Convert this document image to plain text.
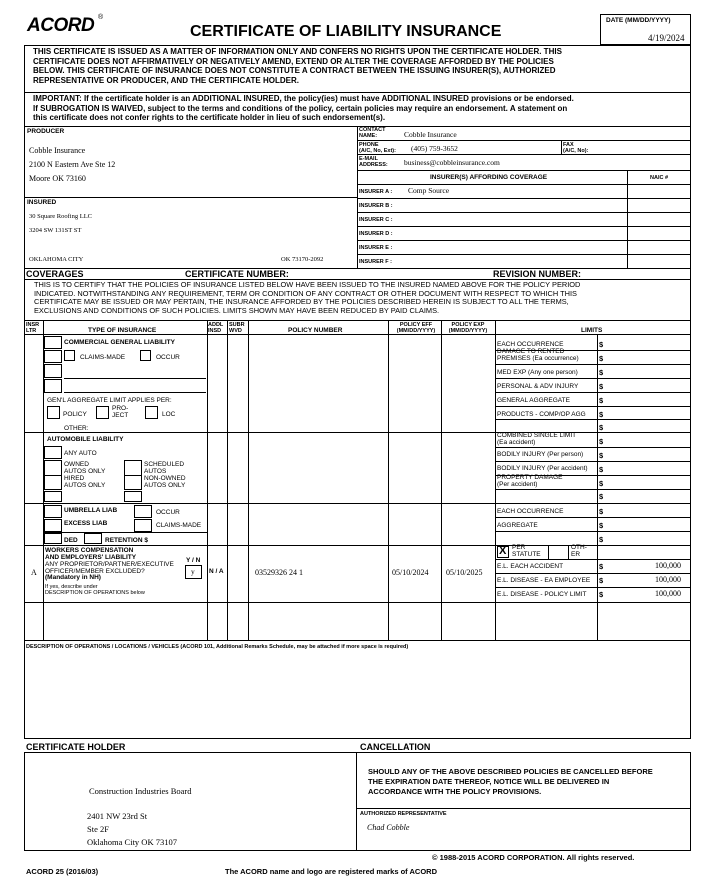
ACORD ®
CERTIFICATE OF LIABILITY INSURANCE
DATE (MM/DD/YYYY)
4/19/2024
THIS CERTIFICATE IS ISSUED AS A MATTER OF INFORMATION ONLY AND CONFERS NO RIGHTS UPON THE CERTIFICATE HOLDER. THIS
CERTIFICATE DOES NOT AFFIRMATIVELY OR NEGATIVELY AMEND, EXTEND OR ALTER THE COVERAGE AFFORDED BY THE POLICIES
BELOW. THIS CERTIFICATE OF INSURANCE DOES NOT CONSTITUTE A CONTRACT BETWEEN THE ISSUING INSURER(S), AUTHORIZED
REPRESENTATIVE OR PRODUCER, AND THE CERTIFICATE HOLDER.
IMPORTANT: If the certificate holder is an ADDITIONAL INSURED, the policy(ies) must have ADDITIONAL INSURED provisions or be endorsed.
If SUBROGATION IS WAIVED, subject to the terms and conditions of the policy, certain policies may require an endorsement. A statement on
this certificate does not confer rights to the certificate holder in lieu of such endorsement(s).
PRODUCER
Cobble Insurance
2100 N Eastern Ave Ste 12
Moore OK 73160
CONTACT
NAME:	Cobble Insurance
PHONE
(A/C, No, Ext): (405) 759-3652	FAX
(A/C, No):
E-MAIL
ADDRESS: business@cobbleinsurance.com
INSURER(S) AFFORDING COVERAGE	NAIC #
INSURER A : Comp Source
INSURER B :
INSURER C :
INSURER D :
INSURER E :
INSURER F :
INSURED
30 Square Roofing LLC
3204 SW 131ST ST
OKLAHOMA CITY	OK 73170-2092
COVERAGES	CERTIFICATE NUMBER:	REVISION NUMBER:
THIS IS TO CERTIFY THAT THE POLICIES OF INSURANCE LISTED BELOW HAVE BEEN ISSUED TO THE INSURED NAMED ABOVE FOR THE POLICY PERIOD
INDICATED. NOTWITHSTANDING ANY REQUIREMENT, TERM OR CONDITION OF ANY CONTRACT OR OTHER DOCUMENT WITH RESPECT TO WHICH THIS
CERTIFICATE MAY BE ISSUED OR MAY PERTAIN, THE INSURANCE AFFORDED BY THE POLICIES DESCRIBED HEREIN IS SUBJECT TO ALL THE TERMS,
EXCLUSIONS AND CONDITIONS OF SUCH POLICIES. LIMITS SHOWN MAY HAVE BEEN REDUCED BY PAID CLAIMS.
INSR
LTR	TYPE OF INSURANCE
ADDL
INSD
SUBR
WVD	POLICY NUMBER
POLICY EFF
(MM/DD/YYYY)
POLICY EXP
(MM/DD/YYYY)	LIMITS
COMMERCIAL GENERAL LIABILITY
CLAIMS-MADE	OCCUR
GEN'L AGGREGATE LIMIT APPLIES PER:
POLICY
PRO-
JECT	LOC
OTHER:
EACH OCCURRENCE	$
DAMAGE TO RENTED
PREMISES (Ea occurrence)	$
MED EXP (Any one person)	$
PERSONAL & ADV INJURY	$
GENERAL AGGREGATE	$
PRODUCTS - COMP/OP AGG $
$
AUTOMOBILE LIABILITY
ANY AUTO
OWNED
AUTOS ONLY
HIRED
AUTOS ONLY
SCHEDULED
AUTOS
NON-OWNED
AUTOS ONLY
COMBINED SINGLE LIMIT
(Ea accident)	$
BODILY INJURY (Per person) $
BODILY INJURY (Per accident) $
PROPERTY DAMAGE
(Per accident)	$
$
UMBRELLA LIAB	OCCUR
EXCESS LIAB	CLAIMS-MADE
DED	RETENTION $
EACH OCCURRENCE	$
AGGREGATE	$
$
WORKERS COMPENSATION
AND EMPLOYERS' LIABILITY	Y / N
ANY PROPRIETOR/PARTNER/EXECUTIVE
OFFICER/MEMBER EXCLUDED?
(Mandatory in NH)
y
If yes, describe under
DESCRIPTION OF OPERATIONS below
A	N / A	03529326 24 1	05/10/2024 05/10/2025
X PER
STATUTE
OTH-
ER
E.L. EACH ACCIDENT	$	100,000
E.L. DISEASE - EA EMPLOYEE $	100,000
E.L. DISEASE - POLICY LIMIT $	100,000
DESCRIPTION OF OPERATIONS / LOCATIONS / VEHICLES (ACORD 101, Additional Remarks Schedule, may be attached if more space is required)
CERTIFICATE HOLDER	CANCELLATION
Construction Industries Board
2401 NW 23rd St
Ste 2F
Oklahoma City OK 73107
SHOULD ANY OF THE ABOVE DESCRIBED POLICIES BE CANCELLED BEFORE
THE EXPIRATION DATE THEREOF, NOTICE WILL BE DELIVERED IN
ACCORDANCE WITH THE POLICY PROVISIONS.
AUTHORIZED REPRESENTATIVE
Chad Cobble
© 1988-2015 ACORD CORPORATION. All rights reserved.
ACORD 25 (2016/03)	The ACORD name and logo are registered marks of ACORD
